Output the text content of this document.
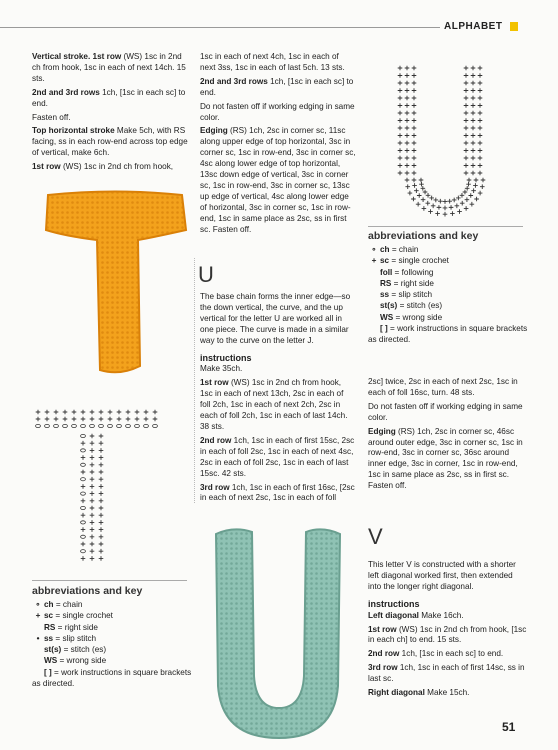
ALPHABET

Vertical stroke. 1st row (WS) 1sc in 2nd ch from hook, 1sc in each of next 14ch. 15 sts.

2nd and 3rd rows 1ch, [1sc in each sc] to end.

Fasten off.

Top horizontal stroke Make 5ch, with RS facing, ss in each row-end across top edge of vertical, make 6ch.

1st row (WS) 1sc in 2nd ch from hook,

1sc in each of next 4ch, 1sc in each of next 3ss, 1sc in each of last 5ch. 13 sts.

2nd and 3rd rows 1ch, [1sc in each sc] to end.

Do not fasten off if working edging in same color.

Edging (RS) 1ch, 2sc in corner sc, 11sc along upper edge of top horizontal, 3sc in corner sc, 1sc in row-end, 3sc in corner sc, 4sc along lower edge of top horizontal, 13sc down edge of vertical, 3sc in corner sc, 1sc in row-end, 3sc in corner sc, 13sc up edge of vertical, 4sc along lower edge of horizontal, 3sc in corner sc, 1sc in row-end, 1sc in same place as 2sc, ss in first sc. Fasten off.

abbreviations and key
∘ ch = chain
+ sc = single crochet
RS = right side
• ss = slip stitch
st(s) = stitch (es)
WS = wrong side
[ ] = work instructions in square brackets as directed.
U

The base chain forms the inner edge—so the down vertical, the curve, and the up vertical for the letter U are worked all in one piece. The curve is made in a similar way to the curve on the letter J.

instructions

Make 35ch.

1st row (WS) 1sc in 2nd ch from hook, 1sc in each of next 13ch, 2sc in each of foll 2ch, 1sc in each of next 2ch, 2sc in each of foll 2ch, 1sc in each of last 14ch. 38 sts.

2nd row 1ch, 1sc in each of first 15sc, 2sc in each of foll 2sc, 1sc in each of next 4sc, 2sc in each of foll 2sc, 1sc in each of last 15sc. 42 sts.

3rd row 1ch, 1sc in each of first 16sc, [2sc in each of next 2sc, 1sc in each of foll

abbreviations and key
∘ ch = chain
+ sc = single crochet
foll = following
RS = right side
ss = slip stitch
st(s) = stitch (es)
WS = wrong side
[ ] = work instructions in square brackets as directed.

2sc] twice, 2sc in each of next 2sc, 1sc in each of foll 16sc, turn. 48 sts.

Do not fasten off if working edging in same color.

Edging (RS) 1ch, 2sc in corner sc, 46sc around outer edge, 3sc in corner sc, 1sc in row-end, 3sc in corner sc, 36sc around inner edge, 3sc in corner, 1sc in row-end, 1sc in same place as 2sc, ss in first sc. Fasten off.

V

This letter V is constructed with a shorter left diagonal worked first, then extended into the longer right diagonal.

instructions

Left diagonal Make 16ch.

1st row (WS) 1sc in 2nd ch from hook, [1sc in each ch] to end. 15 sts.

2nd row 1ch, [1sc in each sc] to end.

3rd row 1ch, 1sc in each of first 14sc, ss in last sc.

Right diagonal Make 15ch.

51
